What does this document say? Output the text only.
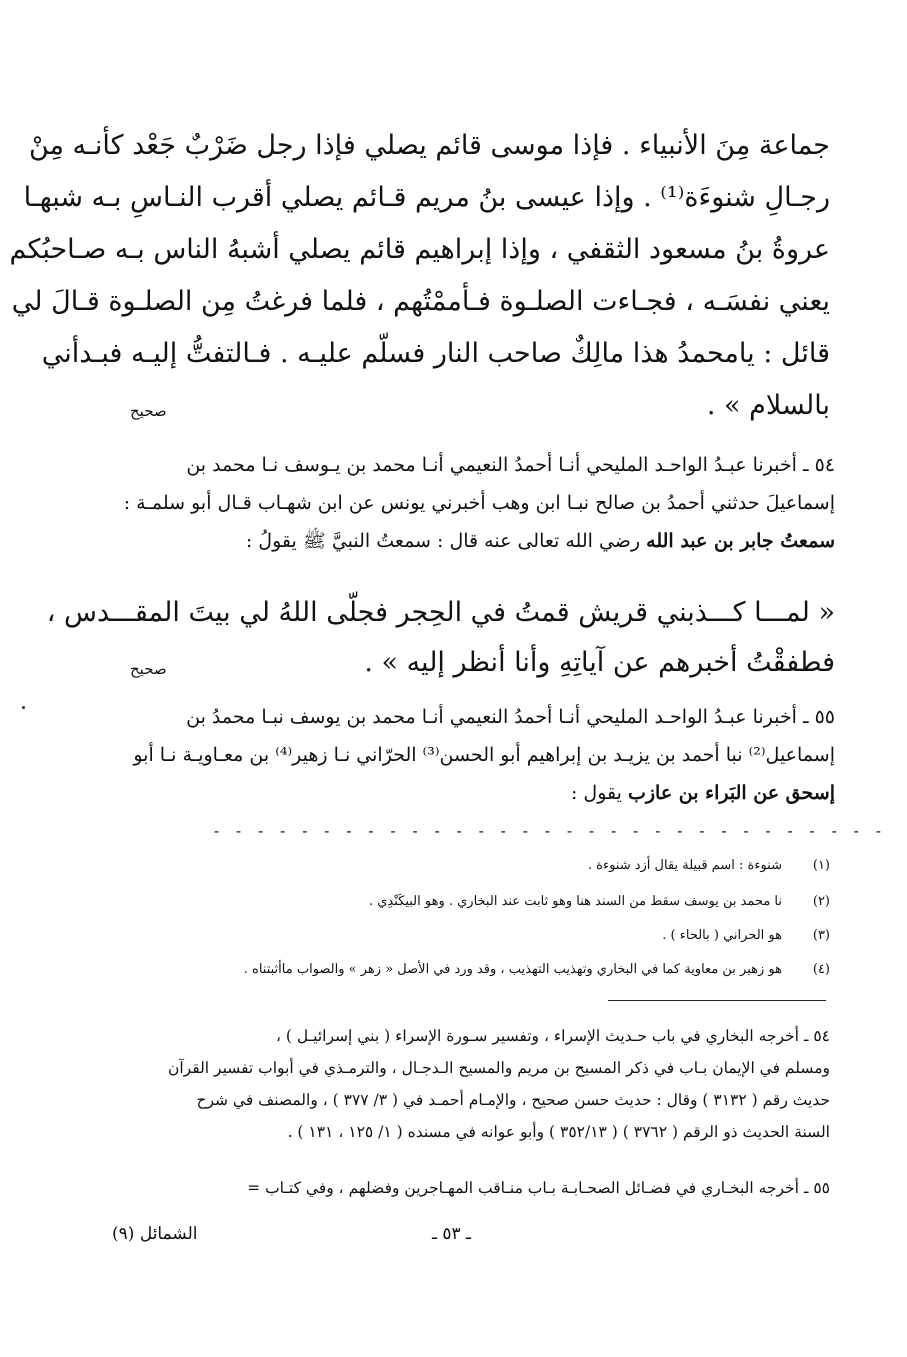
جماعة مِنَ الأنبياء . فإذا موسى قائم يصلي فإذا رجل ضَرْبٌ جَعْد كأنـه مِنْ
رجـالِ شنوءَة⁽¹⁾ . وإذا عيسى بنُ مريم قـائم يصلي أقرب النـاسِ بـه شبهـا
عروةُ بنُ مسعود الثقفي ، وإذا إبراهيم قائم يصلي أشبهُ الناس بـه صـاحبُكم
يعني نفسَـه ، فجـاءت الصلـوة فـأممْتُهم ، فلما فرغتُ مِن الصلـوة قـالَ لي
قائل : يامحمدُ هذا مالِكٌ صاحب النار فسلّم عليـه . فـالتفتُّ إليـه فبـدأني
بالسلام » .
صحيح
٥٤ ـ أخبرنا عبـدُ الواحـد المليحي أنـا أحمدُ النعيمي أنـا محمد بن يـوسف نـا محمد بن
إسماعيلَ حدثني أحمدُ بن صالح نبـا ابن وهب أخبرني يونس عن ابن شهـاب قـال أبو سلمـة :
سمعتُ جابر بن عبد الله رضي الله تعالى عنه قال : سمعتُ النبيَّ ﷺ يقولُ :
« لمـــا كـــذبني قريش قمتُ في الحِجر فجلّى اللهُ لي بيتَ المقـــدس ،
فطفقْتُ أخبرهم عن آياتِهِ وأنا أنظر إليه » .
صحيح
٥٥ ـ أخبرنا عبـدُ الواحـد المليحي أنـا أحمدُ النعيمي أنـا محمد بن يوسف نبـا محمدُ بن
إسماعيل⁽²⁾ نبا أحمد بن يزيـد بن إبراهيم أبو الحسن⁽³⁾ الحرّاني نـا زهير⁽⁴⁾ بن معـاويـة نـا أبو
إسحق عن البَراء بن عازب يقول :
- - - - - - - - - - - - - - - - - - - - - - - - - - - - - - -
(١)
شنوءة : اسم قبيلة يقال أزد شنوءة .
(٢)
نا محمد بن يوسف سقط من السند هنا وهو ثابت عند البخاري . وهو البيكَنْدِي .
(٣)
هو الحراني ( بالحاء ) .
(٤)
هو زهير بن معاوية كما في البخاري وتهذيب التهذيب ، وقد ورد في الأصل « زهر » والصواب ماأثبتناه .
٥٤ ـ أخرجه البخاري في باب حـديث الإسراء ، وتفسير سـورة الإسراء ( بني إسرائيـل ) ،
ومسلم في الإيمان بـاب في ذكر المسيح بن مريم والمسيح الـدجـال ، والترمـذي في أبواب تفسير القرآن
حديث رقم ( ٣١٣٢ ) وقال : حديث حسن صحيح ، والإمـام أحمـد في ( ٣/ ٣٧٧ ) ، والمصنف في شرح
السنة الحديث ذو الرقم ( ٣٧٦٢ ) ( ٣٥٢/١٣ ) وأبو عوانه في مسنده ( ١/ ١٢٥ ، ١٣١ ) .
٥٥ ـ أخرجه البخـاري في فضـائل الصحـابـة بـاب منـاقب المهـاجرين وفضلهم ، وفي كتـاب =
ـ ٥٣ ـ
الشمائل (٩)
